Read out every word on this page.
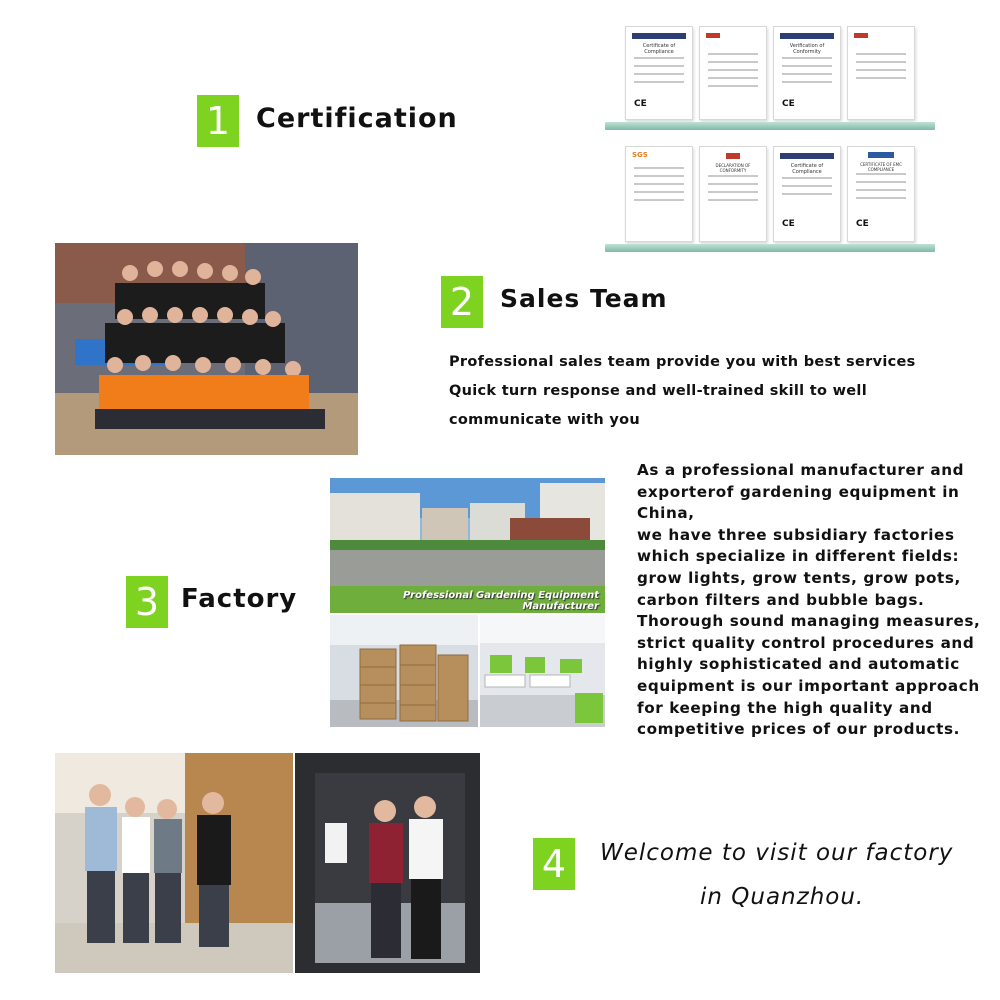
1 Certification
Certificate of Compliance
CE
Verification of Conformity
CE
SGS
DECLARATION OF CONFORMITY
Certificate of Compliance
CE
CERTIFICATE OF EMC COMPLIANCE
CE
2	Sales Team
Professional sales team provide you with best services
Quick turn response and well-trained skill to well
communicate with you
3 Factory	Professional Gardening Equipment Manufacturer
As a professional manufacturer and
exporterof gardening equipment in
China,
we have three subsidiary factories
which specialize in different fields:
grow lights, grow tents, grow pots,
carbon filters and bubble bags.
Thorough sound managing measures,
strict quality control procedures and
highly sophisticated and automatic
equipment is our important approach
for keeping the high quality and
competitive prices of our products.
4	Welcome to visit our factory
in Quanzhou.
